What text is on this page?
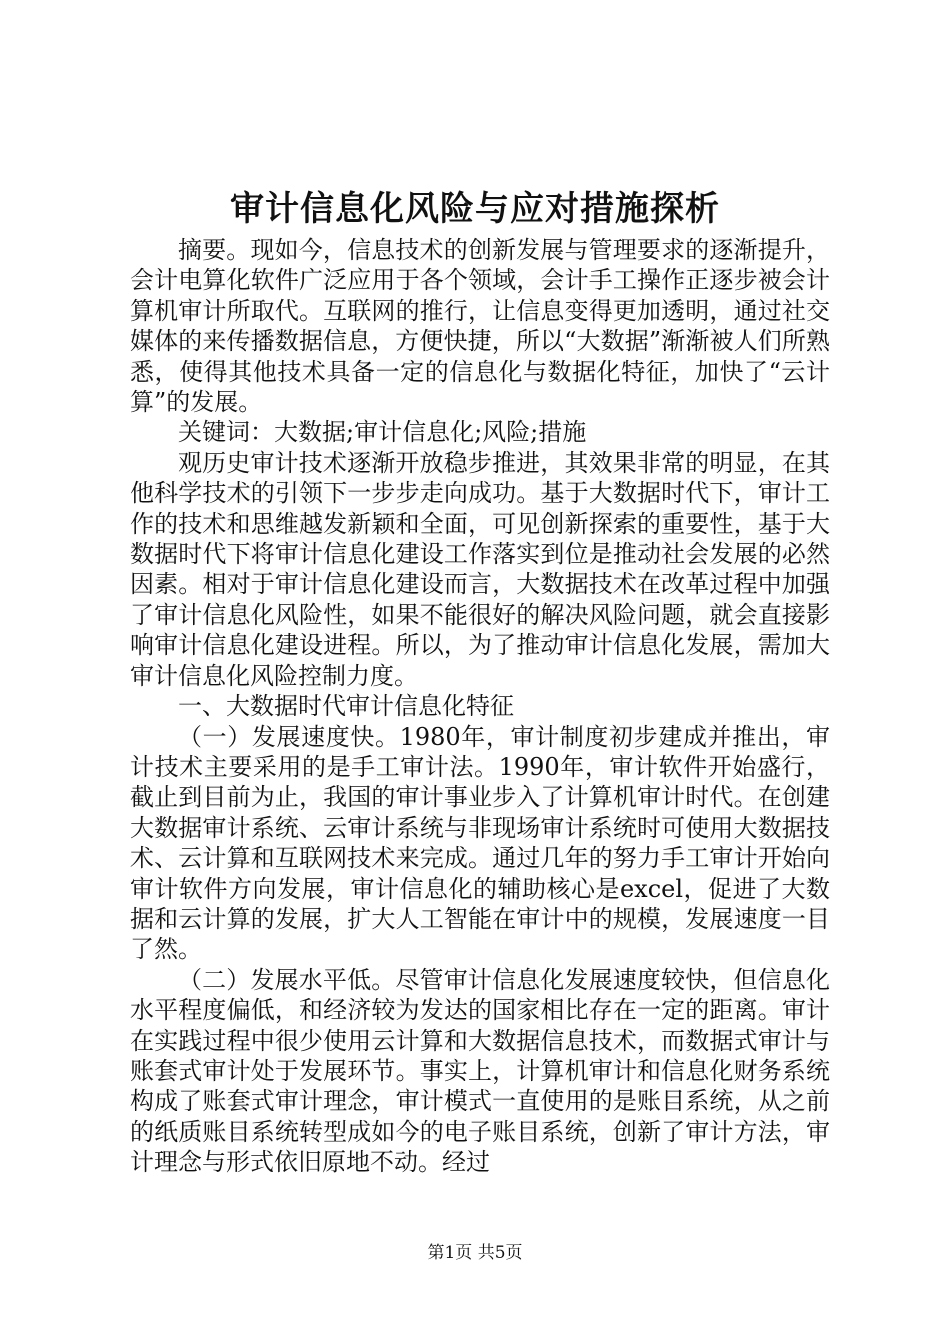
审计信息化风险与应对措施探析

摘要。现如今，信息技术的创新发展与管理要求的逐渐提升，会计电算化软件广泛应用于各个领域，会计手工操作正逐步被会计算机审计所取代。互联网的推行，让信息变得更加透明，通过社交媒体的来传播数据信息，方便快捷，所以“大数据”渐渐被人们所熟悉，使得其他技术具备一定的信息化与数据化特征，加快了“云计算”的发展。

关键词：大数据;审计信息化;风险;措施

观历史审计技术逐渐开放稳步推进，其效果非常的明显，在其他科学技术的引领下一步步走向成功。基于大数据时代下，审计工作的技术和思维越发新颖和全面，可见创新探索的重要性，基于大数据时代下将审计信息化建设工作落实到位是推动社会发展的必然因素。相对于审计信息化建设而言，大数据技术在改革过程中加强了审计信息化风险性，如果不能很好的解决风险问题，就会直接影响审计信息化建设进程。所以，为了推动审计信息化发展，需加大审计信息化风险控制力度。

一、大数据时代审计信息化特征

（一）发展速度快。1980年，审计制度初步建成并推出，审计技术主要采用的是手工审计法。1990年，审计软件开始盛行，截止到目前为止，我国的审计事业步入了计算机审计时代。在创建大数据审计系统、云审计系统与非现场审计系统时可使用大数据技术、云计算和互联网技术来完成。通过几年的努力手工审计开始向审计软件方向发展，审计信息化的辅助核心是excel，促进了大数据和云计算的发展，扩大人工智能在审计中的规模，发展速度一目了然。

（二）发展水平低。尽管审计信息化发展速度较快，但信息化水平程度偏低，和经济较为发达的国家相比存在一定的距离。审计在实践过程中很少使用云计算和大数据信息技术，而数据式审计与账套式审计处于发展环节。事实上，计算机审计和信息化财务系统构成了账套式审计理念，审计模式一直使用的是账目系统，从之前的纸质账目系统转型成如今的电子账目系统，创新了审计方法，审计理念与形式依旧原地不动。经过

第1页 共5页
